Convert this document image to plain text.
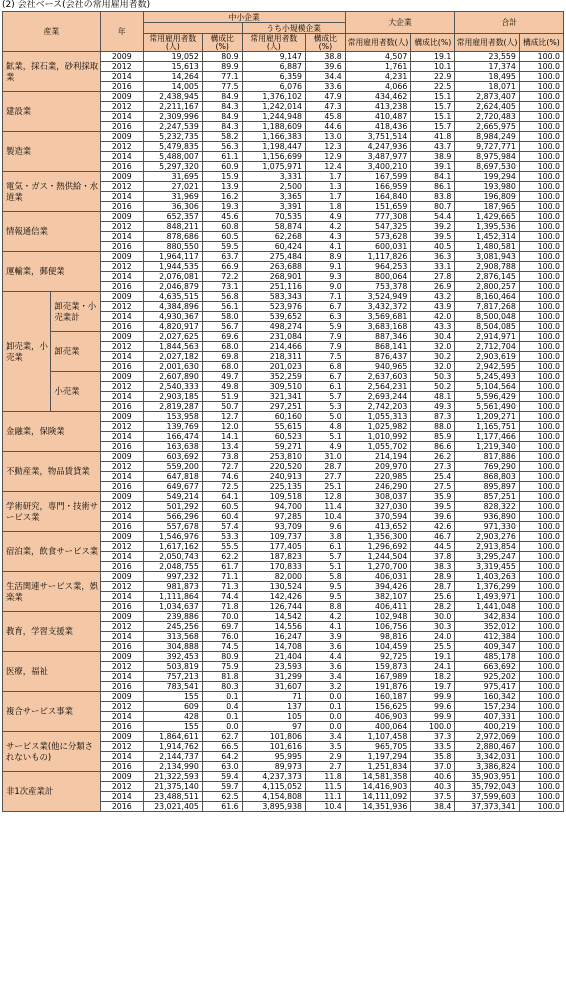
(2) 会社ベース(会社の常用雇用者数)
産業		年	中小企業				大企業		合計	
					うち小規模企業					
			常用雇用者数(人)	構成比(%)	常用雇用者数(人)	構成比(%)	常用雇用者数(人)	構成比(%)	常用雇用者数(人)	構成比(%)
鉱業，採石業，砂利採取業		2009	19,052	80.9	9,147	38.8	4,507	19.1	23,559	100.0
		2012	15,613	89.9	6,887	39.6	1,761	10.1	17,374	100.0
		2014	14,264	77.1	6,359	34.4	4,231	22.9	18,495	100.0
		2016	14,005	77.5	6,076	33.6	4,066	22.5	18,071	100.0
建設業		2009	2,438,945	84.9	1,376,102	47.9	434,462	15.1	2,873,407	100.0
		2012	2,211,167	84.3	1,242,014	47.3	413,238	15.7	2,624,405	100.0
		2014	2,309,996	84.9	1,244,948	45.8	410,487	15.1	2,720,483	100.0
		2016	2,247,539	84.3	1,188,609	44.6	418,436	15.7	2,665,975	100.0
製造業		2009	5,232,735	58.2	1,166,383	13.0	3,751,514	41.8	8,984,249	100.0
		2012	5,479,835	56.3	1,198,447	12.3	4,247,936	43.7	9,727,771	100.0
		2014	5,488,007	61.1	1,156,699	12.9	3,487,977	38.9	8,975,984	100.0
		2016	5,297,320	60.9	1,075,971	12.4	3,400,210	39.1	8,697,530	100.0
電気・ガス・熱供給・水道業		2009	31,695	15.9	3,331	1.7	167,599	84.1	199,294	100.0
		2012	27,021	13.9	2,500	1.3	166,959	86.1	193,980	100.0
		2014	31,969	16.2	3,365	1.7	164,840	83.8	196,809	100.0
		2016	36,306	19.3	3,391	1.8	151,659	80.7	187,965	100.0
情報通信業		2009	652,357	45.6	70,535	4.9	777,308	54.4	1,429,665	100.0
		2012	848,211	60.8	58,874	4.2	547,325	39.2	1,395,536	100.0
		2014	878,686	60.5	62,268	4.3	573,628	39.5	1,452,314	100.0
		2016	880,550	59.5	60,424	4.1	600,031	40.5	1,480,581	100.0
運輸業，郵便業		2009	1,964,117	63.7	275,484	8.9	1,117,826	36.3	3,081,943	100.0
		2012	1,944,535	66.9	263,688	9.1	964,253	33.1	2,908,788	100.0
		2014	2,076,081	72.2	268,901	9.3	800,064	27.8	2,876,145	100.0
		2016	2,046,879	73.1	251,116	9.0	753,378	26.9	2,800,257	100.0
卸売業，小売業	卸売業・小売業計	2009	4,635,515	56.8	583,343	7.1	3,524,949	43.2	8,160,464	100.0
		2012	4,384,896	56.1	523,976	6.7	3,432,372	43.9	7,817,268	100.0
		2014	4,930,367	58.0	539,652	6.3	3,569,681	42.0	8,500,048	100.0
		2016	4,820,917	56.7	498,274	5.9	3,683,168	43.3	8,504,085	100.0
	卸売業	2009	2,027,625	69.6	231,084	7.9	887,346	30.4	2,914,971	100.0
		2012	1,844,563	68.0	214,466	7.9	868,141	32.0	2,712,704	100.0
		2014	2,027,182	69.8	218,311	7.5	876,437	30.2	2,903,619	100.0
		2016	2,001,630	68.0	201,023	6.8	940,965	32.0	2,942,595	100.0
	小売業	2009	2,607,890	49.7	352,259	6.7	2,637,603	50.3	5,245,493	100.0
		2012	2,540,333	49.8	309,510	6.1	2,564,231	50.2	5,104,564	100.0
		2014	2,903,185	51.9	321,341	5.7	2,693,244	48.1	5,596,429	100.0
		2016	2,819,287	50.7	297,251	5.3	2,742,203	49.3	5,561,490	100.0
金融業，保険業		2009	153,958	12.7	60,160	5.0	1,055,313	87.3	1,209,271	100.0
		2012	139,769	12.0	55,615	4.8	1,025,982	88.0	1,165,751	100.0
		2014	166,474	14.1	60,523	5.1	1,010,992	85.9	1,177,466	100.0
		2016	163,638	13.4	59,271	4.9	1,055,702	86.6	1,219,340	100.0
不動産業，物品賃貸業		2009	603,692	73.8	253,810	31.0	214,194	26.2	817,886	100.0
		2012	559,200	72.7	220,520	28.7	209,970	27.3	769,290	100.0
		2014	647,818	74.6	240,913	27.7	220,985	25.4	868,803	100.0
		2016	649,677	72.5	225,135	25.1	246,290	27.5	895,897	100.0
学術研究，専門・技術サービス業		2009	549,214	64.1	109,518	12.8	308,037	35.9	857,251	100.0
		2012	501,292	60.5	94,700	11.4	327,030	39.5	828,322	100.0
		2014	566,296	60.4	97,285	10.4	370,594	39.6	936,890	100.0
		2016	557,678	57.4	93,709	9.6	413,652	42.6	971,330	100.0
宿泊業，飲食サービス業		2009	1,546,976	53.3	109,737	3.8	1,356,300	46.7	2,903,276	100.0
		2012	1,617,162	55.5	177,405	6.1	1,296,692	44.5	2,913,854	100.0
		2014	2,050,743	62.2	187,823	5.7	1,244,504	37.8	3,295,247	100.0
		2016	2,048,755	61.7	170,833	5.1	1,270,700	38.3	3,319,455	100.0
生活関連サービス業，娯楽業		2009	997,232	71.1	82,000	5.8	406,031	28.9	1,403,263	100.0
		2012	981,873	71.3	130,524	9.5	394,426	28.7	1,376,299	100.0
		2014	1,111,864	74.4	142,426	9.5	382,107	25.6	1,493,971	100.0
		2016	1,034,637	71.8	126,744	8.8	406,411	28.2	1,441,048	100.0
教育，学習支援業		2009	239,886	70.0	14,542	4.2	102,948	30.0	342,834	100.0
		2012	245,256	69.7	14,556	4.1	106,756	30.3	352,012	100.0
		2014	313,568	76.0	16,247	3.9	98,816	24.0	412,384	100.0
		2016	304,888	74.5	14,708	3.6	104,459	25.5	409,347	100.0
医療，福祉		2009	392,453	80.9	21,404	4.4	92,725	19.1	485,178	100.0
		2012	503,819	75.9	23,593	3.6	159,873	24.1	663,692	100.0
		2014	757,213	81.8	31,299	3.4	167,989	18.2	925,202	100.0
		2016	783,541	80.3	31,607	3.2	191,876	19.7	975,417	100.0
複合サービス事業		2009	155	0.1	71	0.0	160,187	99.9	160,342	100.0
		2012	609	0.4	137	0.1	156,625	99.6	157,234	100.0
		2014	428	0.1	105	0.0	406,903	99.9	407,331	100.0
		2016	155	0.0	97	0.0	400,064	100.0	400,219	100.0
サービス業(他に分類されないもの)		2009	1,864,611	62.7	101,806	3.4	1,107,458	37.3	2,972,069	100.0
		2012	1,914,762	66.5	101,616	3.5	965,705	33.5	2,880,467	100.0
		2014	2,144,737	64.2	95,995	2.9	1,197,294	35.8	3,342,031	100.0
		2016	2,134,990	63.0	89,973	2.7	1,251,834	37.0	3,386,824	100.0
非1次産業計		2009	21,322,593	59.4	4,237,373	11.8	14,581,358	40.6	35,903,951	100.0
		2012	21,375,140	59.7	4,115,052	11.5	14,416,903	40.3	35,792,043	100.0
		2014	23,488,511	62.5	4,154,808	11.1	14,111,092	37.5	37,599,603	100.0
		2016	23,021,405	61.6	3,895,938	10.4	14,351,936	38.4	37,373,341	100.0
